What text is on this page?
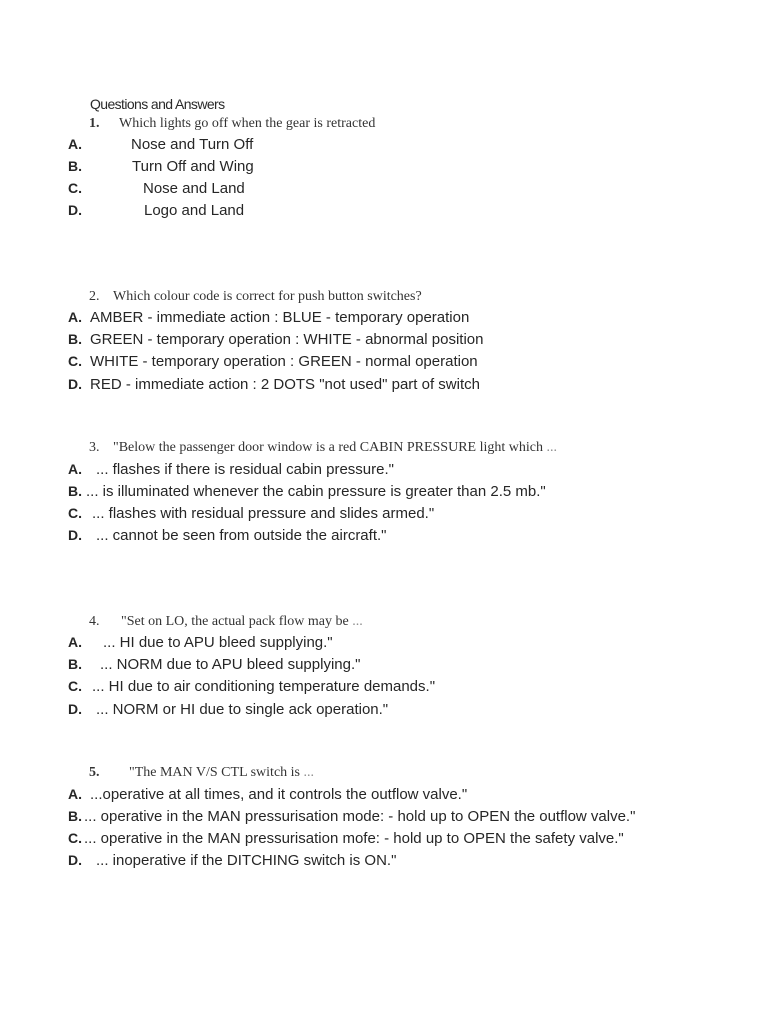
Questions and Answers
1. Which lights go off when the gear is retracted
A.	Nose and Turn Off
B.	Turn Off and Wing
C.	Nose and Land
D.	Logo and Land
2. Which colour code is correct for push button switches?
A. AMBER - immediate action : BLUE - temporary operation
B. GREEN - temporary operation : WHITE - abnormal position
C. WHITE - temporary operation : GREEN - normal operation
D. RED - immediate action : 2 DOTS "not used" part of switch
3. "Below the passenger door window is a red CABIN PRESSURE light which ...
A. ... flashes if there is residual cabin pressure."
B. ... is illuminated whenever the cabin pressure is greater than 2.5 mb."
C. ... flashes with residual pressure and slides armed."
D. ... cannot be seen from outside the aircraft."
4. "Set on LO, the actual pack flow may be ...
A. ... HI due to APU bleed supplying."
B. ... NORM due to APU bleed supplying."
C. ... HI due to air conditioning temperature demands."
D. ... NORM or HI due to single ack operation."
5. "The MAN V/S CTL switch is ...
A. ...operative at all times, and it controls the outflow valve."
B. ... operative in the MAN pressurisation mode: - hold up to OPEN the outflow valve."
C. ... operative in the MAN pressurisation mofe: - hold up to OPEN the safety valve."
D. ... inoperative if the DITCHING switch is ON."
